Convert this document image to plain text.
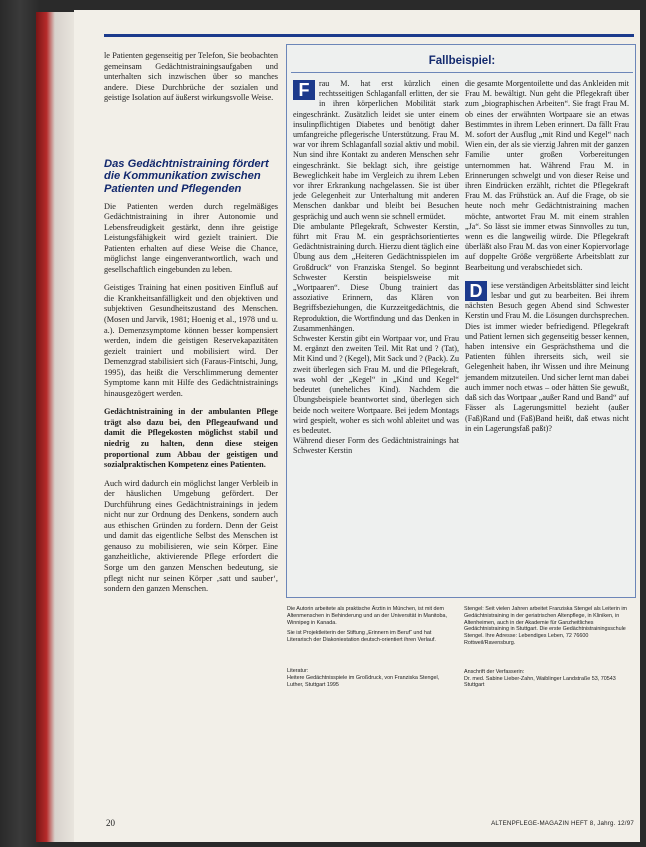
le Patienten gegenseitig per Telefon, Sie beobachten gemeinsam Gedächtnistrainingsaufgaben und unterhalten sich inzwischen über so manches andere. Diese Durchbrüche der sozialen und geistige Isolation auf äußerst wirkungsvolle Weise.

Das Gedächtnistraining fördert die Kommunikation zwischen Patienten und Pflegenden

Die Patienten werden durch regelmäßiges Gedächtnistraining in ihrer Autonomie und Lebensfreudigkeit gestärkt, denn ihre geistige Leistungsfähigkeit wird gezielt trainiert. Die Patienten erhalten auf diese Weise die Chance, möglichst lange eingenverantwortlich, wach und gesellschaftlich eingebunden zu leben.

Geistiges Training hat einen positiven Einfluß auf die Krankheitsanfälligkeit und den objektiven und subjektiven Gesundheitszustand des Menschen. (Mosen und Jarvik, 1981; Hoenig et al., 1978 und u. a.). Demenzsymptome können besser kompensiert werden, indem die geistigen Reservekapazitäten gezielt trainiert und mobilisiert wird. Der Demenzgrad stabilisiert sich (Faraus-Fintschi, Jung, 1995), das heißt die Verschlimmerung dementer Symptome kann mit Hilfe des Gedächtnistrainings hinausgezögert werden.

Gedächtnistraining in der ambulanten Pflege trägt also dazu bei, den Pflegeaufwand und damit die Pflegekosten möglichst stabil und niedrig zu halten, denn diese steigen proportional zum Abbau der geistigen und sozialpraktischen Kompetenz eines Patienten.

Auch wird dadurch ein möglichst langer Verbleib in der häuslichen Umgebung gefördert. Der Durchführung eines Gedächtnistrainings in jedem nicht nur zur Ordnung des Denkens, sondern auch aus ethischen Gründen zu fordern. Denn der Geist und damit das eigentliche Selbst des Menschen ist genauso zu mobilisieren, wie sein Körper. Eine ganzheitliche, aktivierende Pflege erfordert die Sorge um den ganzen Menschen bedeutung, sie pflegt nicht nur seinen Körper ‚satt und sauber‘, sondern den ganzen Menschen.

Fallbeispiel:
F	rau M. hat erst kürzlich einen rechtsseitigen Schlaganfall erlitten, der sie in ihren körperlichen Mobilität stark eingeschränkt. Zusätzlich leidet sie unter einem insulinpflichtigen Diabetes und benötigt daher umfangreiche pflegerische Unterstützung. Frau M. war vor ihrem Schlaganfall sozial aktiv und mobil. Nun sind ihre Kontakt zu anderen Menschen sehr eingeschränkt. Sie beklagt sich, ihre geistige Beweglichkeit habe im Vergleich zu ihrem Leben vor ihrer Erkrankung nachgelassen. Sie ist über jede Gelegenheit zur Unterhaltung mit anderen Menschen dankbar und bleibt bei Besuchen gesprächig und auch wenn sie schnell ermüdet.

Die ambulante Pflegekraft, Schwester Kerstin, führt mit Frau M. ein gesprächsorientiertes Gedächtnistraining durch. Hierzu dient täglich eine Übung aus dem „Heiteren Gedächtnisspielen im Großdruck“ von Franziska Stengel. So beginnt Schwester Kerstin beispielsweise mit „Wortpaaren“. Diese Übung trainiert das assoziative Erinnern, das Klären von Begriffsbeziehungen, die Kurzzeitgedächtnis, die Reproduktion, die Wortfindung und das Denken in Zusammenhängen.

Schwester Kerstin gibt ein Wortpaar vor, und Frau M. ergänzt den zweiten Teil. Mit Rat und ? (Tat), Mit Kind und ? (Kegel), Mit Sack und ? (Pack). Zu zweit überlegen sich Frau M. und die Pflegekraft, was wohl der „Kegel“ in „Kind und Kegel“ bedeutet (uneheliches Kind). Nachdem die Übungsbeispiele beantwortet sind, überlegen sich beide noch weitere Wortpaare. Bei jedem Montags wird gespielt, woher es sich wohl ableitet und was es bedeutet.

Während dieser Form des Gedächtnistrainings hat Schwester Kerstin

die gesamte Morgentoilette und das Ankleiden mit Frau M. bewältigt. Nun geht die Pflegekraft über zum „biographischen Arbeiten“. Sie fragt Frau M. ob eines der erwähnten Wortpaare sie an etwas Bestimmtes in ihrem Leben erinnert. Da fällt Frau M. sofort der Ausflug „mit Rind und Kegel“ nach Wien ein, der als sie vierzig Jahren mit der ganzen Familie unter großen Vorbereitungen unternommen hat. Während Frau M. in Erinnerungen schwelgt und von dieser Reise und ihren Eindrücken erzählt, richtet die Pflegekraft Frau M. das Frühstück an. Auf die Frage, ob sie heute noch mehr Gedächtnistraining machen möchte, antwortet Frau M. mit einem strahlen „Ja“. So lässt sie immer etwas Sinnvolles zu tun, wenn es die langweilig würde. Die Pflegekraft überläßt also Frau M. das von einer Kopiervorlage auf doppelte Größe vergrößerte Arbeitsblatt zur Bearbeitung und verabschiedet sich.

D	iese verständigen Arbeitsblätter sind leicht lesbar und gut zu bearbeiten. Bei ihrem nächsten Besuch gegen Abend sind Schwester Kerstin und Frau M. die Lösungen durchsprechen. Dies ist immer wieder befriedigend. Pflegekraft und Patient lernen sich gegenseitig besser kennen, haben intensive ein Gesprächsthema und die Patienten fühlen ihrerseits sich, weil sie Gelegenheit haben, ihr Wissen und ihre Meinung jemandem mitzuteilen. Und sicher lernt man dabei auch immer noch etwas – oder hätten Sie gewußt, daß sich das Wortpaar „außer Rand und Band“ auf Fässer als Lagerungsmittel bezieht (außer (Faß)Rand und (Faß)Band heißt, daß etwas nicht in ein Lagerungsfaß paßt)?

Die Autorin arbeitete als praktische Ärztin in München, ist mit dem Altenmenschen in Behinderung und an der Universität in Manitoba, Winnipeg in Kanada.

Sie ist Projektleiterin der Stiftung „Erinnern im Beruf“ und hat Literarisch der Diakoniestation deutsch-orientiert ihren Verlauf.

Literatur:

Heitere Gedächtnisspiele im Großdruck, von Franziska Stengel, Luther, Stuttgart 1995

Stengel: Seit vielen Jahren arbeitet Franziska Stengel als Leiterin im Gedächtnistraining in der geriatrischen Altenpflege, in Kliniken, in Altenheimen, auch in der Akademie für Ganzheitliches Gedächtnistraining in Stuttgart. Die erste Gedächtnistrainingsschule Stengel. Ihre Adresse: Lebendiges Leben, 72 76600 Rottweil/Ravensburg.

Anschrift der Verfasserin:

Dr. med. Sabine Lieber-Zahn, Waiblinger Landstraße 53, 70543 Stuttgart

20	ALTENPFLEGE-MAGAZIN HEFT 8, Jahrg. 12/97
